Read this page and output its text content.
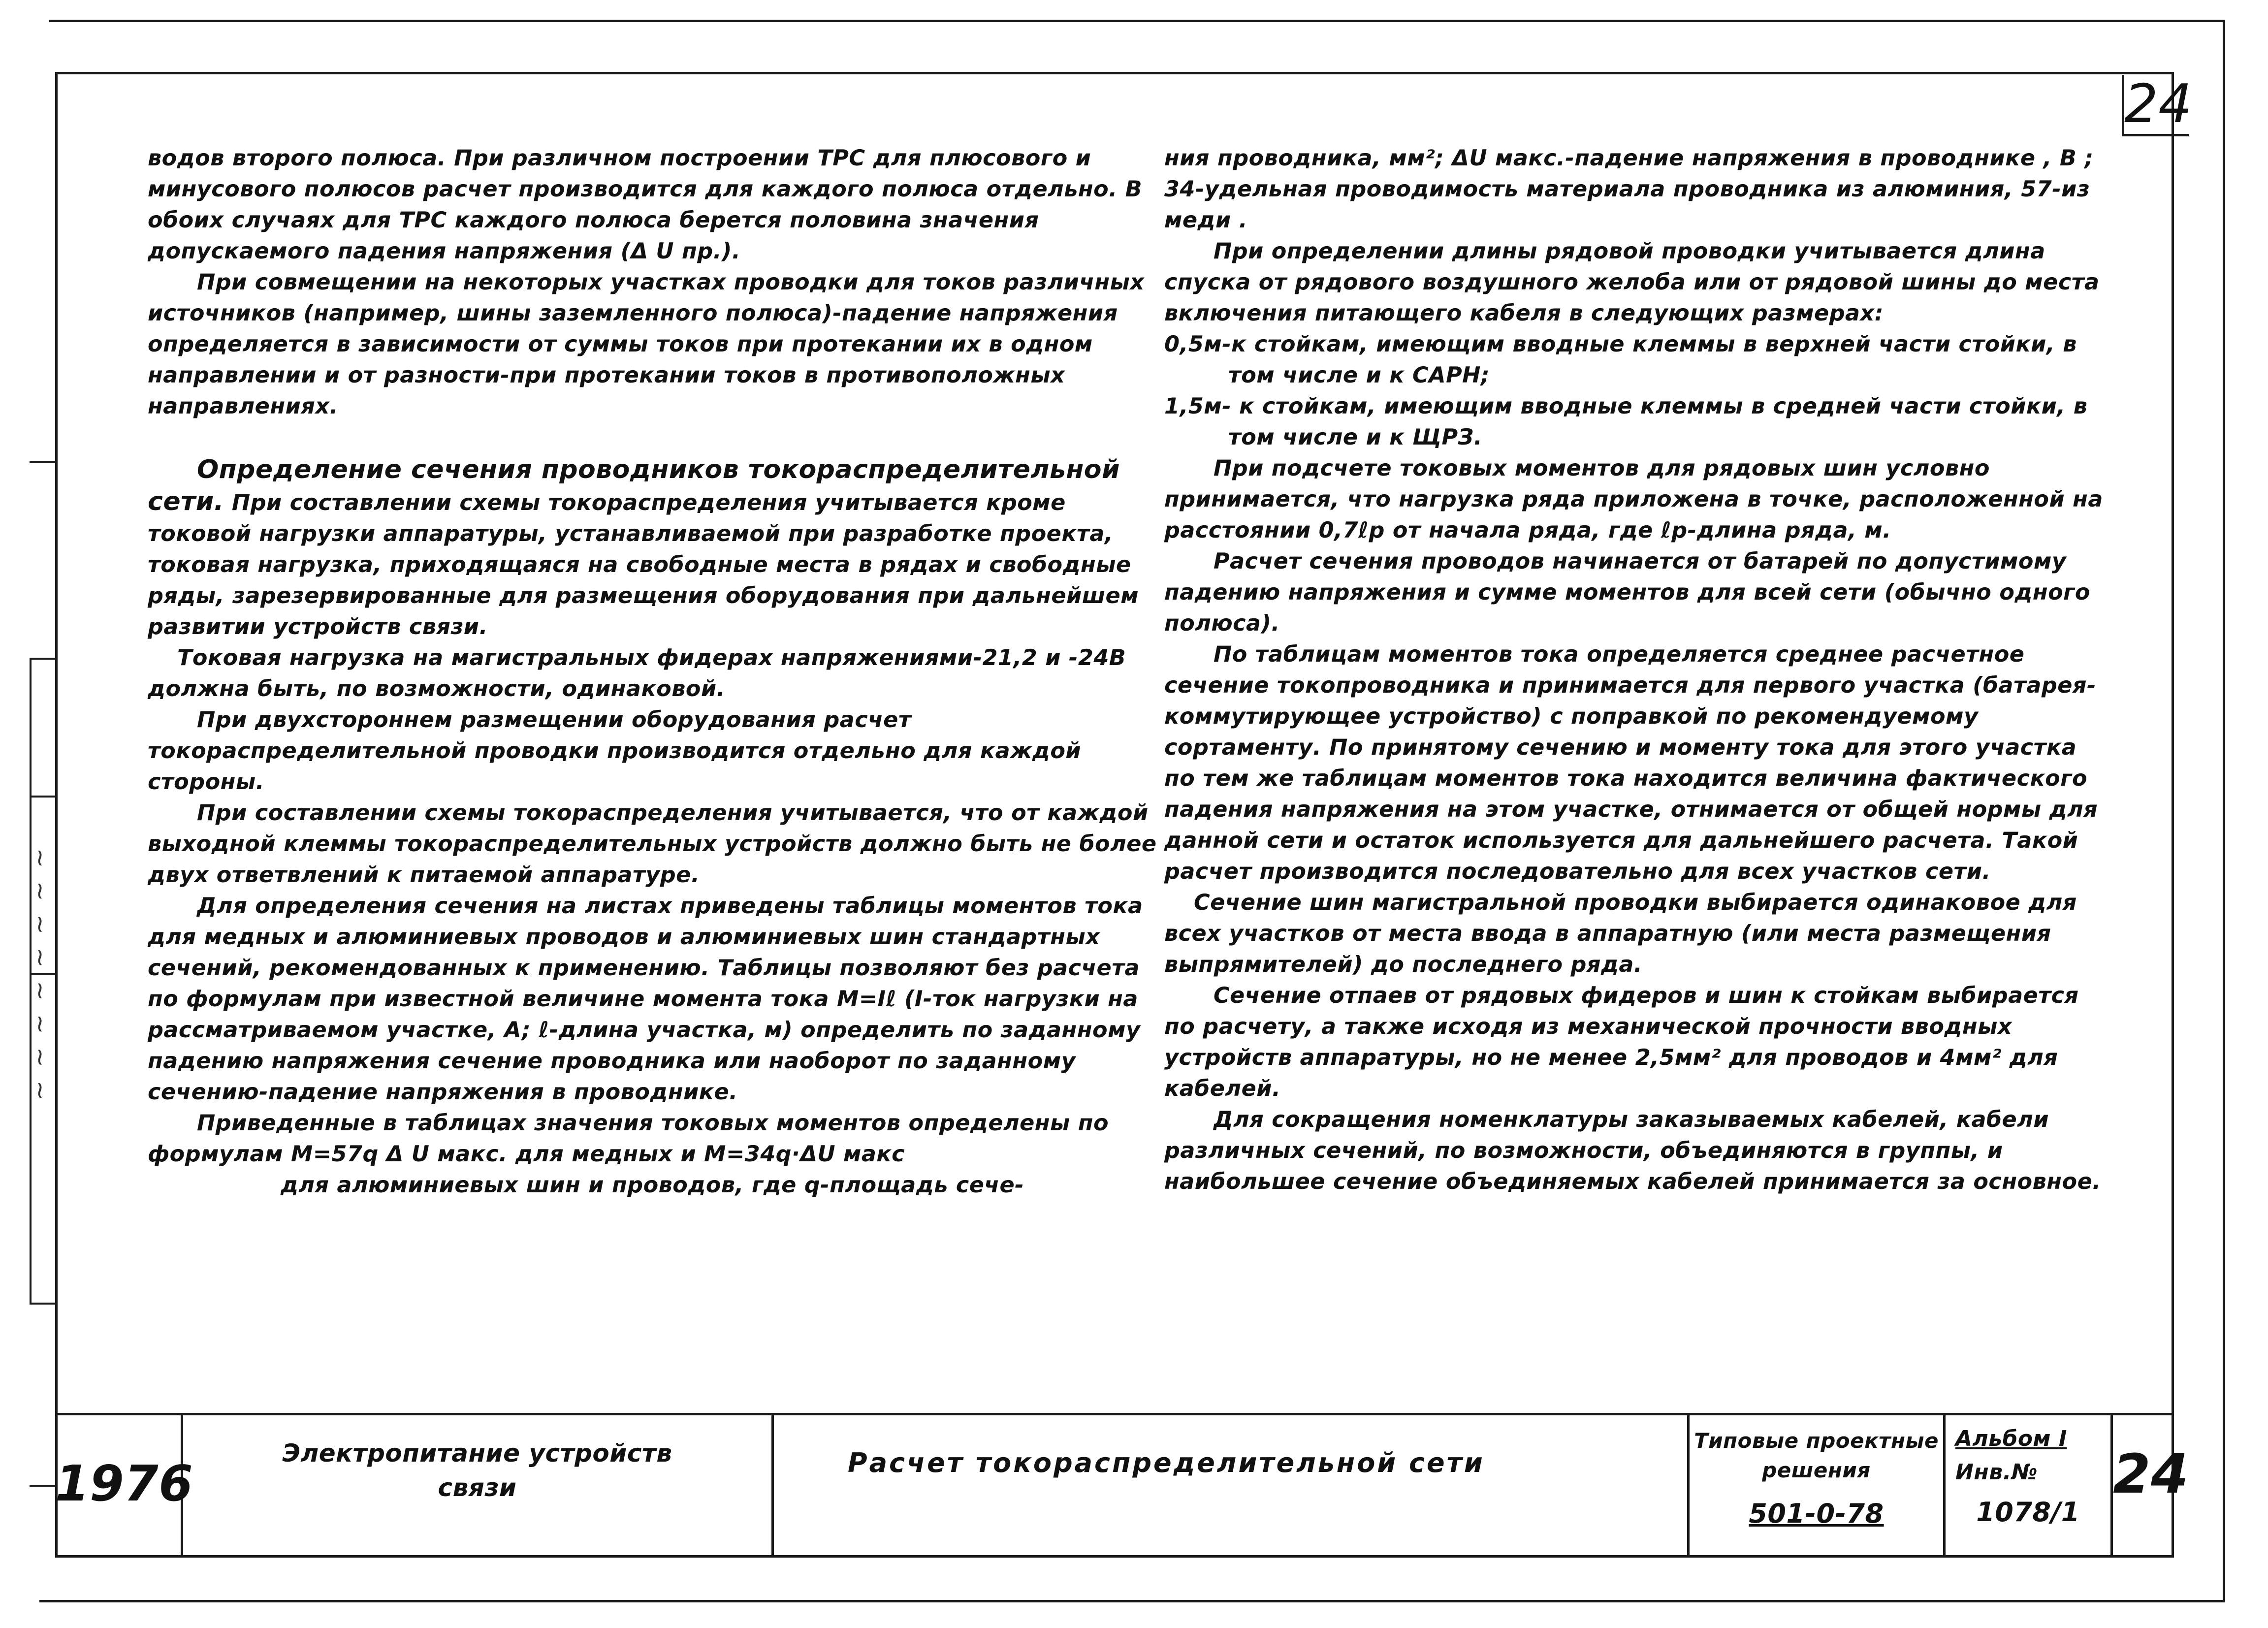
~ ~ ~ ~ ~ ~ ~ ~
24

водов второго полюса. При различном построении ТРС для плюсового и минусового полюсов расчет производится для каждого полюса отдельно. В обоих случаях для ТРС каждого полюса берется половина значения допускаемого падения напряжения (Δ U пр.).

При совмещении на некоторых участках проводки для токов различных источников (например, шины заземленного полюса)-падение напряжения определяется в зависимости от суммы токов при протекании их в одном направлении и от разности-при протекании токов в противоположных направлениях.

Определение сечения проводников токораспределительной сети. При составлении схемы токораспределения учитывается кроме токовой нагрузки аппаратуры, устанавливаемой при разработке проекта, токовая нагрузка, приходящаяся на свободные места в рядах и свободные ряды, зарезервированные для размещения оборудования при дальнейшем развитии устройств связи.

Токовая нагрузка на магистральных фидерах напряжениями-21,2 и -24В должна быть, по возможности, одинаковой.

При двухстороннем размещении оборудования расчет токораспределительной проводки производится отдельно для каждой стороны.

При составлении схемы токораспределения учитывается, что от каждой выходной клеммы токораспределительных устройств должно быть не более двух ответвлений к питаемой аппаратуре.

Для определения сечения на листах приведены таблицы моментов тока для медных и алюминиевых проводов и алюминиевых шин стандартных сечений, рекомендованных к применению. Таблицы позволяют без расчета по формулам при известной величине момента тока M=Iℓ (I-ток нагрузки на рассматриваемом участке, A; ℓ-длина участка, м) определить по заданному падению напряжения сечение проводника или наоборот по заданному сечению-падение напряжения в проводнике.

Приведенные в таблицах значения токовых моментов определены по формулам M=57q Δ U макс. для медных и M=34q·ΔU макс

для алюминиевых шин и проводов, где q-площадь сече-

ния проводника, мм²; ΔU макс.-падение напряжения в проводнике , В ; 34-удельная проводимость материала проводника из алюминия, 57-из меди .

При определении длины рядовой проводки учитывается длина спуска от рядового воздушного желоба или от рядовой шины до места включения питающего кабеля в следующих размерах:

0,5м-к стойкам, имеющим вводные клеммы в верхней части стойки, в том числе и к САРН;

1,5м- к стойкам, имеющим вводные клеммы в средней части стойки, в том числе и к ЩРЗ.

При подсчете токовых моментов для рядовых шин условно принимается, что нагрузка ряда приложена в точке, расположенной на расстоянии 0,7ℓр от начала ряда, где ℓр-длина ряда, м.

Расчет сечения проводов начинается от батарей по допустимому падению напряжения и сумме моментов для всей сети (обычно одного полюса).

По таблицам моментов тока определяется среднее расчетное сечение токопроводника и принимается для первого участка (батарея-коммутирующее устройство) с поправкой по рекомендуемому сортаменту. По принятому сечению и моменту тока для этого участка по тем же таблицам моментов тока находится величина фактического падения напряжения на этом участке, отнимается от общей нормы для данной сети и остаток используется для дальнейшего расчета. Такой расчет производится последовательно для всех участков сети.

Сечение шин магистральной проводки выбирается одинаковое для всех участков от места ввода в аппаратную (или места размещения выпрямителей) до последнего ряда.

Сечение отпаев от рядовых фидеров и шин к стойкам выбирается по расчету, а также исходя из механической прочности вводных устройств аппаратуры, но не менее 2,5мм² для проводов и 4мм² для кабелей.

Для сокращения номенклатуры заказываемых кабелей, кабели различных сечений, по возможности, объединяются в группы, и наибольшее сечение объединяемых кабелей принимается за основное.

1976
Электропитание устройств
связи
Расчет токораспределительной сети
Типовые проектные
решения
501-0-78
Альбом I
Инв.№
1078/1
24
